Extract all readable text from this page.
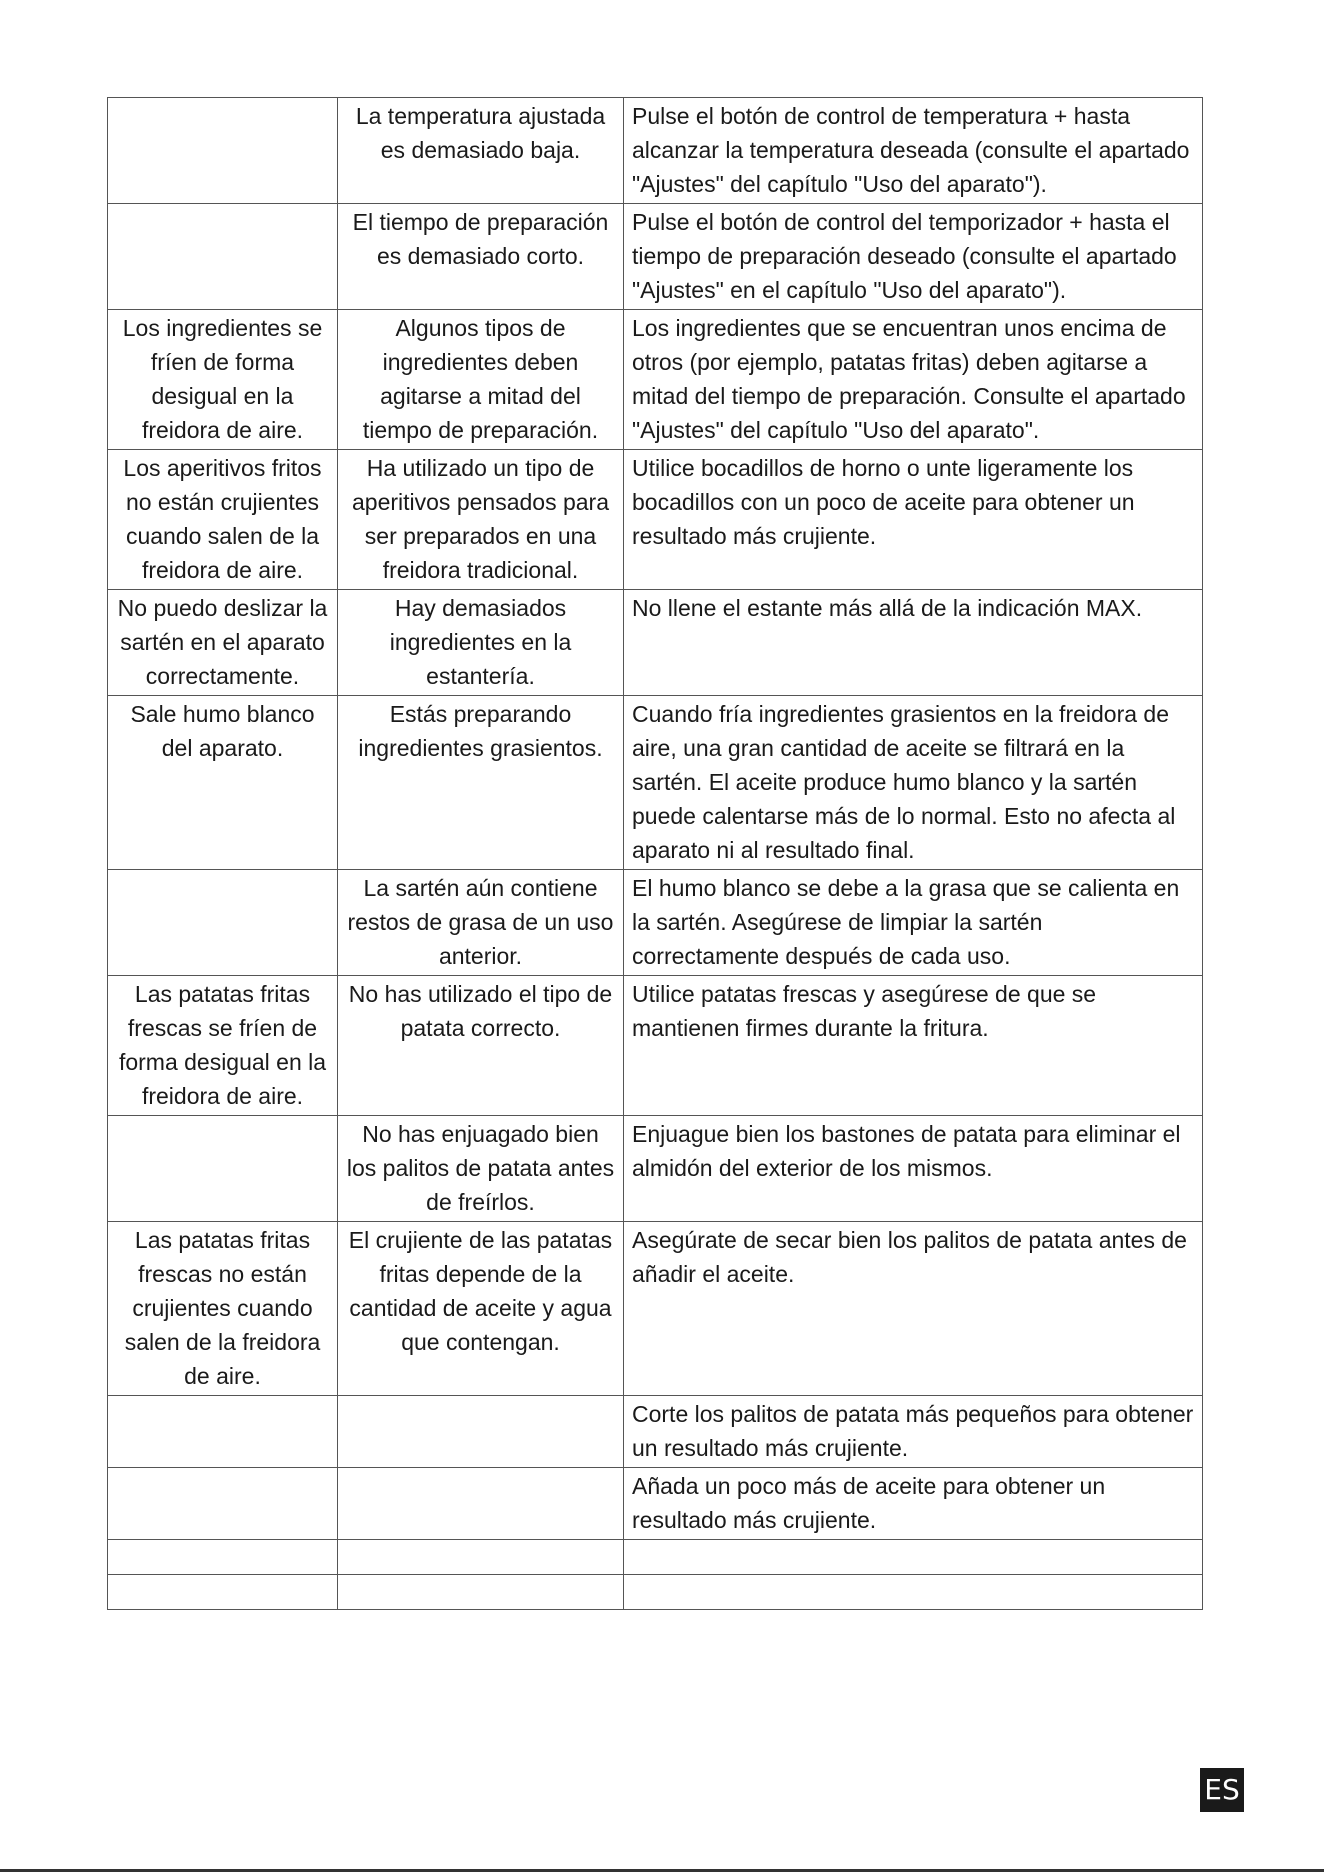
	La temperatura ajustada es demasiado baja.	Pulse el botón de control de temperatura + hasta alcanzar la temperatura deseada (consulte el apartado "Ajustes" del capítulo "Uso del aparato").
	El tiempo de preparación es demasiado corto.	Pulse el botón de control del temporizador + hasta el tiempo de preparación deseado (consulte el apartado "Ajustes" en el capítulo "Uso del aparato").
Los ingredientes se fríen de forma desigual en la freidora de aire.	Algunos tipos de ingredientes deben agitarse a mitad del tiempo de preparación.	Los ingredientes que se encuentran unos encima de otros (por ejemplo, patatas fritas) deben agitarse a mitad del tiempo de preparación. Consulte el apartado "Ajustes" del capítulo "Uso del aparato".
Los aperitivos fritos no están crujientes cuando salen de la freidora de aire.	Ha utilizado un tipo de aperitivos pensados para ser preparados en una freidora tradicional.	Utilice bocadillos de horno o unte ligeramente los bocadillos con un poco de aceite para obtener un resultado más crujiente.
No puedo deslizar la sartén en el aparato correctamente.	Hay demasiados ingredientes en la estantería.	No llene el estante más allá de la indicación MAX.
Sale humo blanco del aparato.	Estás preparando ingredientes grasientos.	Cuando fría ingredientes grasientos en la freidora de aire, una gran cantidad de aceite se filtrará en la sartén. El aceite produce humo blanco y la sartén puede calentarse más de lo normal. Esto no afecta al aparato ni al resultado final.
	La sartén aún contiene restos de grasa de un uso anterior.	El humo blanco se debe a la grasa que se calienta en la sartén. Asegúrese de limpiar la sartén correctamente después de cada uso.
Las patatas fritas frescas se fríen de forma desigual en la freidora de aire.	No has utilizado el tipo de patata correcto.	Utilice patatas frescas y asegúrese de que se mantienen firmes durante la fritura.
	No has enjuagado bien los palitos de patata antes de freírlos.	Enjuague bien los bastones de patata para eliminar el almidón del exterior de los mismos.
Las patatas fritas frescas no están crujientes cuando salen de la freidora de aire.	El crujiente de las patatas fritas depende de la cantidad de aceite y agua que contengan.	Asegúrate de secar bien los palitos de patata antes de añadir el aceite.
		Corte los palitos de patata más pequeños para obtener un resultado más crujiente.
		Añada un poco más de aceite para obtener un resultado más crujiente.

ES
